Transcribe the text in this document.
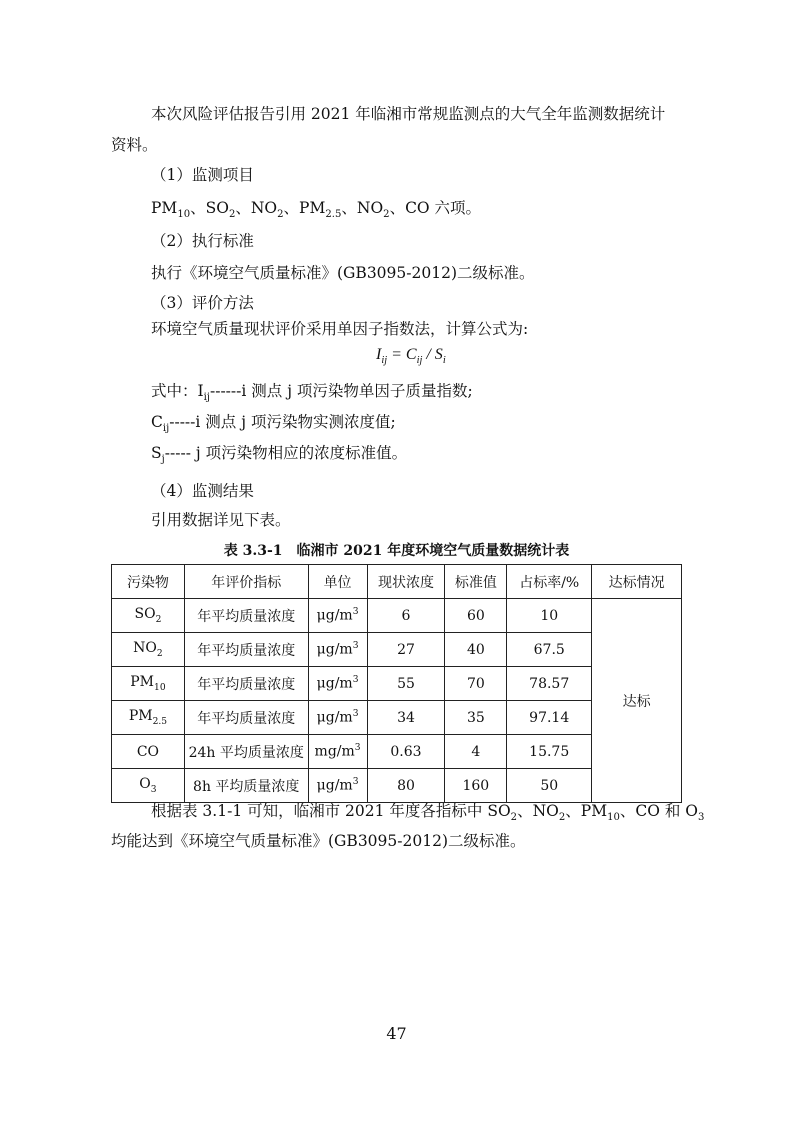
本次风险评估报告引用 2021 年临湘市常规监测点的大气全年监测数据统计
资料。
（1）监测项目
$PM_{10}$、$SO_2$、$NO_2$、$PM_{2.5}$、$NO_2$、CO 六项。
（2）执行标准
执行《环境空气质量标准》(GB3095-2012)二级标准。
（3）评价方法
环境空气质量现状评价采用单因子指数法，计算公式为:
$I_{ij} = C_{ij} / S_i$
式中：$I_{ij}------i$ 测点 j 项污染物单因子质量指数;
$C_{ij}-----i$ 测点 j 项污染物实测浓度值;
$S_j-----$ j 项污染物相应的浓度标准值。
（4）监测结果
引用数据详见下表。
表 3.3-1　临湘市 2021 年度环境空气质量数据统计表
污染物	年评价指标	单位	现状浓度	标准值	占标率/%	达标情况
$SO_2$	年平均质量浓度	$\mu g/m^3$	6	60	10	达标
$NO_2$	年平均质量浓度	$\mu g/m^3$	27	40	67.5	
$PM_{10}$	年平均质量浓度	$\mu g/m^3$	55	70	78.57	
$PM_{2.5}$	年平均质量浓度	$\mu g/m^3$	34	35	97.14	
CO	24h 平均质量浓度	$mg/m^3$	0.63	4	15.75	
$O_3$	8h 平均质量浓度	$\mu g/m^3$	80	160	50	
根据表 3.1-1 可知，临湘市 2021 年度各指标中 $SO_2$、$NO_2$、$PM_{10}$、CO 和 $O_3$
均能达到《环境空气质量标准》(GB3095-2012)二级标准。
47
